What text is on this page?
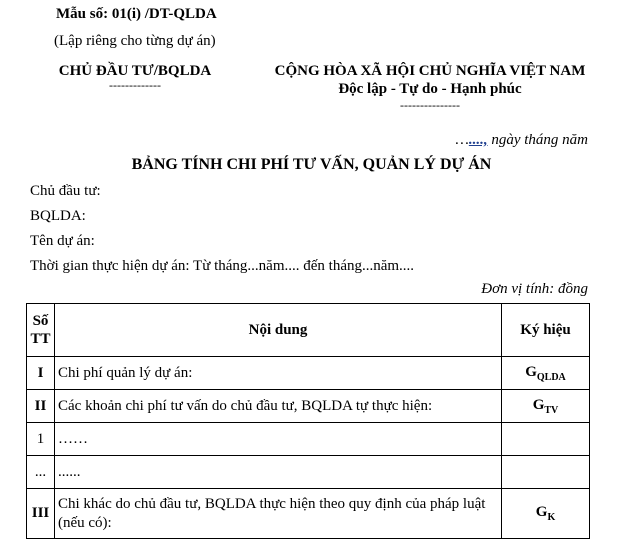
Mẫu số: 01(i) /DT-QLDA
(Lập riêng cho từng dự án)
CHỦ ĐẦU TƯ/BQLDA
-------------
CỘNG HÒA XÃ HỘI CHỦ NGHĨA VIỆT NAM
Độc lập - Tự do - Hạnh phúc
---------------
…...., ngày tháng năm
BẢNG TÍNH CHI PHÍ TƯ VẤN, QUẢN LÝ DỰ ÁN
Chủ đầu tư:
BQLDA:
Tên dự án:
Thời gian thực hiện dự án: Từ tháng...năm.... đến tháng...năm....
Đơn vị tính: đồng
Số
TT	Nội dung	Ký hiệu
I	Chi phí quản lý dự án:	$G_{QLDA}$
II	Các khoản chi phí tư vấn do chủ đầu tư, BQLDA tự thực hiện:	$G_{TV}$
1	……	
...	......	
III	Chi khác do chủ đầu tư, BQLDA thực hiện theo quy định của pháp luật (nếu có):	$G_K$
